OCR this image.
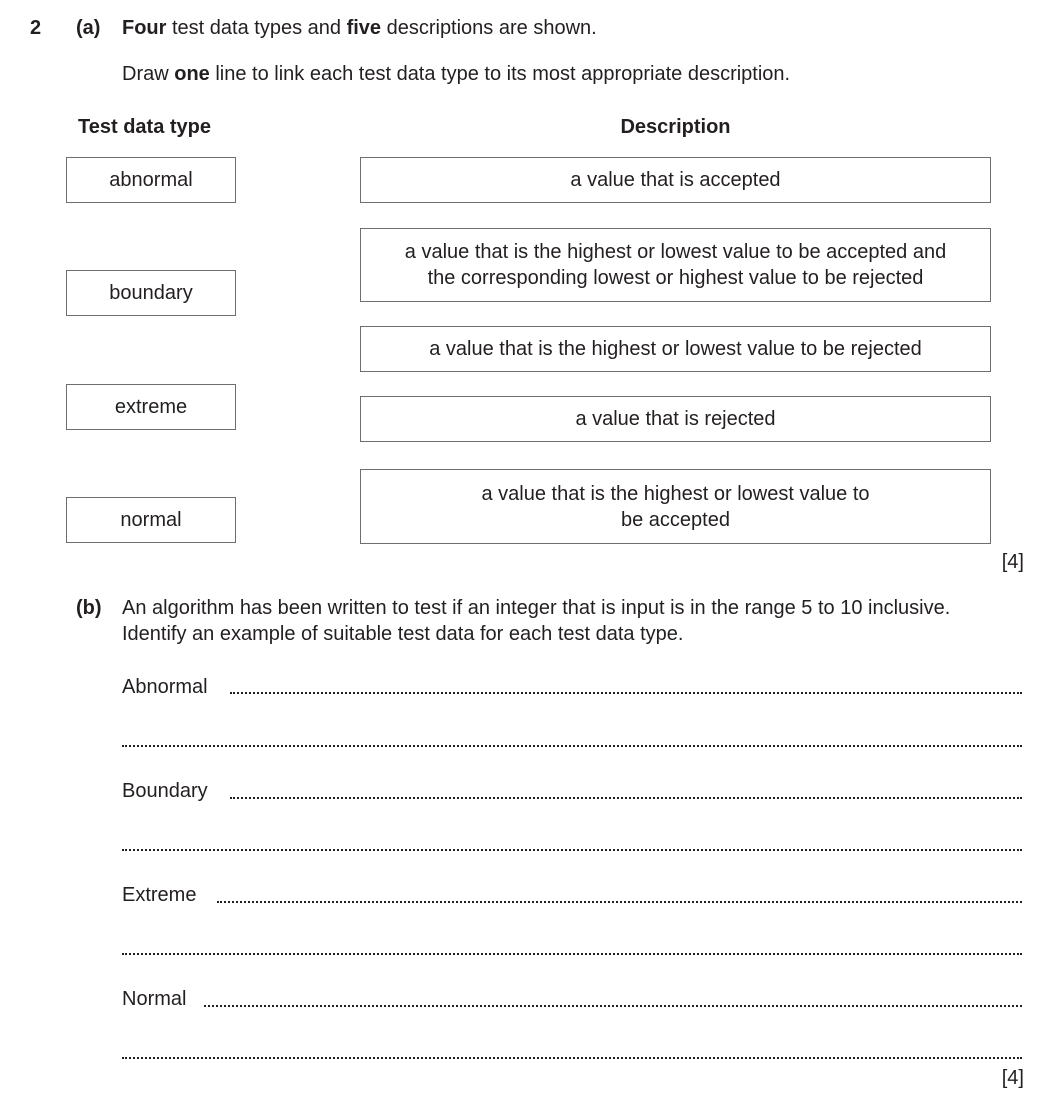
2 (a) Four test data types and five descriptions are shown.
Draw one line to link each test data type to its most appropriate description.
Test data type	Description
abnormal
boundary
extreme
normal
a value that is accepted
a value that is the highest or lowest value to be accepted and
the corresponding lowest or highest value to be rejected
a value that is the highest or lowest value to be rejected
a value that is rejected
a value that is the highest or lowest value to
be accepted
[4]
(b) An algorithm has been written to test if an integer that is input is in the range 5 to 10 inclusive.
Identify an example of suitable test data for each test data type.
Abnormal
Boundary
Extreme
Normal
[4]
